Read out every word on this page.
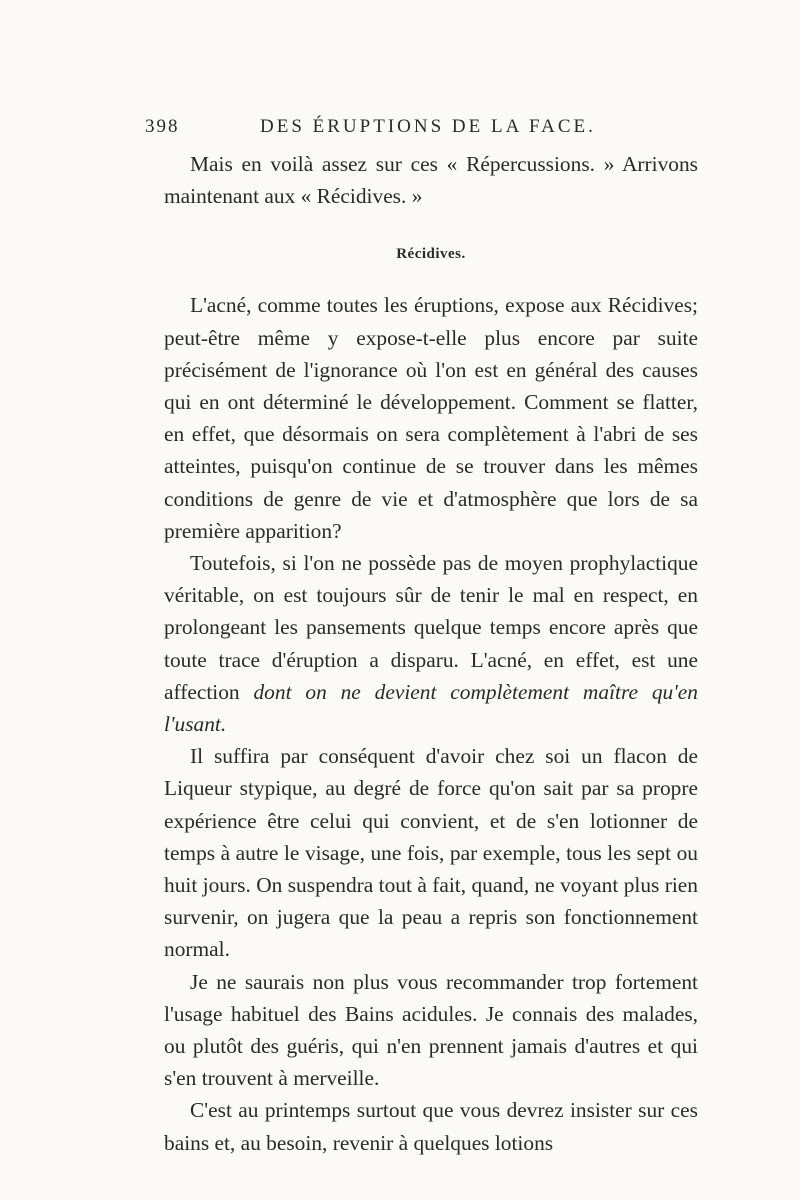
398	DES ÉRUPTIONS DE LA FACE.

Mais en voilà assez sur ces « Répercussions. » Arrivons maintenant aux « Récidives. »

Récidives.

L'acné, comme toutes les éruptions, expose aux Récidives; peut-être même y expose-t-elle plus encore par suite précisément de l'ignorance où l'on est en général des causes qui en ont déterminé le développement. Comment se flatter, en effet, que désormais on sera complètement à l'abri de ses atteintes, puisqu'on continue de se trouver dans les mêmes conditions de genre de vie et d'atmosphère que lors de sa première apparition?

Toutefois, si l'on ne possède pas de moyen prophylactique véritable, on est toujours sûr de tenir le mal en respect, en prolongeant les pansements quelque temps encore après que toute trace d'éruption a disparu. L'acné, en effet, est une affection dont on ne devient complètement maître qu'en l'usant.

Il suffira par conséquent d'avoir chez soi un flacon de Liqueur stypique, au degré de force qu'on sait par sa propre expérience être celui qui convient, et de s'en lotionner de temps à autre le visage, une fois, par exemple, tous les sept ou huit jours. On suspendra tout à fait, quand, ne voyant plus rien survenir, on jugera que la peau a repris son fonctionnement normal.

Je ne saurais non plus vous recommander trop fortement l'usage habituel des Bains acidules. Je connais des malades, ou plutôt des guéris, qui n'en prennent jamais d'autres et qui s'en trouvent à merveille.

C'est au printemps surtout que vous devrez insister sur ces bains et, au besoin, revenir à quelques lotions
